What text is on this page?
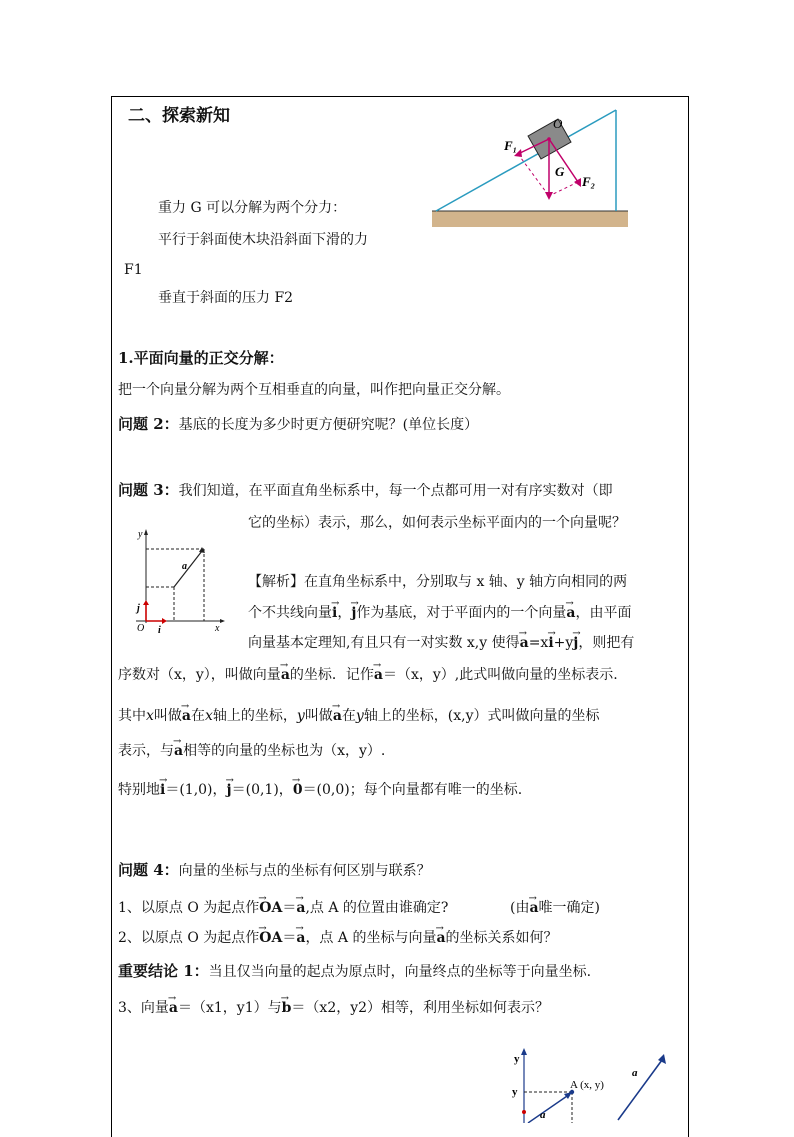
二、探索新知	O
F₁
G
F₂
重力 G 可以分解为两个分力：
平行于斜面使木块沿斜面下滑的力
F1
垂直于斜面的压力 F2
1.平面向量的正交分解：
把一个向量分解为两个互相垂直的向量，叫作把向量正交分解。
问题 2：基底的长度为多少时更方便研究呢？(单位长度）
问题 3：我们知道，在平面直角坐标系中，每一个点都可用一对有序实数对（即
它的坐标）表示，那么，如何表示坐标平面内的一个向量呢？
y
x
a
j
O i
【解析】在直角坐标系中，分别取与 x 轴、y 轴方向相同的两
个不共线向量→ i，→ j作为基底，对于平面内的一个向量→ a，由平面
向量基本定理知,有且只有一对实数 x,y 使得→ a=x→ i+y→ j，则把有
序数对（x，y），叫做向量→ a的坐标．记作→ a＝（x，y）,此式叫做向量的坐标表示.
其中x叫做→ a在x轴上的坐标，y叫做→ a在y轴上的坐标，(x,y）式叫做向量的坐标
表示，与→ a相等的向量的坐标也为（x，y）.
特别地→ i＝(1,0)，→ j＝(0,1)，→ 0＝(0,0)；每个向量都有唯一的坐标.
问题 4：向量的坐标与点的坐标有何区别与联系？
1、以原点 O 为起点作→ OA＝→ a,点 A 的位置由谁确定?	(由→ a唯一确定)
2、以原点 O 为起点作→ OA＝→ a，点 A 的坐标与向量→ a的坐标关系如何？
重要结论 1：当且仅当向量的起点为原点时，向量终点的坐标等于向量坐标.
3、向量→ a＝（x1，y1）与→ b＝（x2，y2）相等，利用坐标如何表示？
y
y
A (x, y)
a
a
